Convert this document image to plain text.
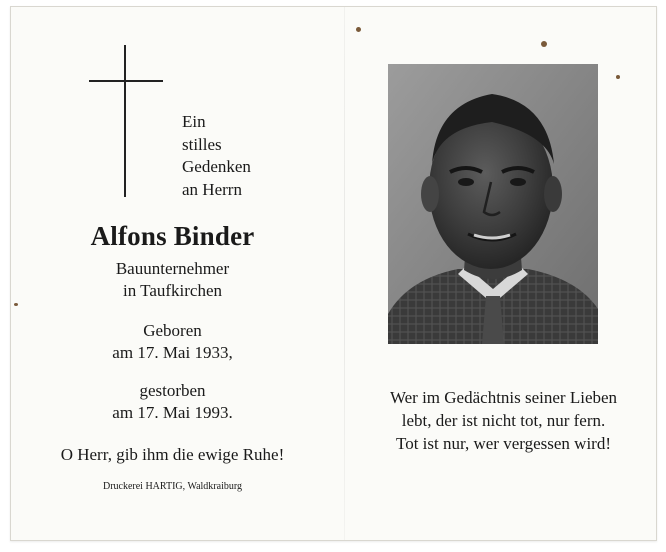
Ein
stilles
Gedenken
an Herrn
Alfons Binder
Bauunternehmer
in Taufkirchen
Geboren
am 17. Mai 1933,
gestorben
am 17. Mai 1993.
O Herr, gib ihm die ewige Ruhe!
Druckerei HARTIG, Waldkraiburg
Wer im Gedächtnis seiner Lieben
lebt, der ist nicht tot, nur fern.
Tot ist nur, wer vergessen wird!
